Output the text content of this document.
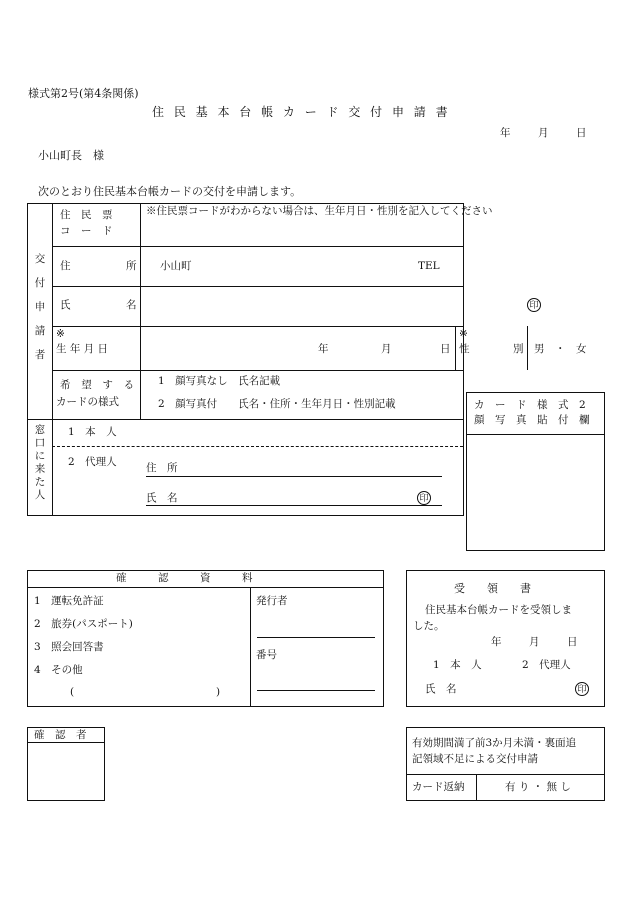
様式第2号(第4条関係)
住 民 基 本 台 帳 カ ー ド 交 付 申 請 書
年	月	日
小山町長　様
次のとおり住民基本台帳カードの交付を申請します。
交
付
申
請
者
住　民　票
コ　ー　ド
※住民票コードがわからない場合は、生年月日・性別を記入してください
住	所 小山町	TEL
氏	名	印
※
生 年 月 日	年	月	日
※
性	別 男　・　女
希 望 す る
カードの様式
1　顔写真なし　氏名記載
2　顔写真付　　氏名・住所・生年月日・性別記載
窓
口
に
来
た
人
1　本　人
2　代理人	住　所
氏　名	印
カ　ー　ド　様　式　2
顔　写　真　貼　付　欄
確　　　認　　　資　　　料
1　運転免許証
2　旅券(パスポート)
3　照会回答書
4　その他
(	)
発行者
番号
受　　領　　書
住民基本台帳カードを受領しま
した。
年	月	日
1　本　人	2　代理人
氏　名	印
確　認　者
有効期間満了前3か月未満・裏面追
記領域不足による交付申請
カード返納	有 り ・ 無 し
